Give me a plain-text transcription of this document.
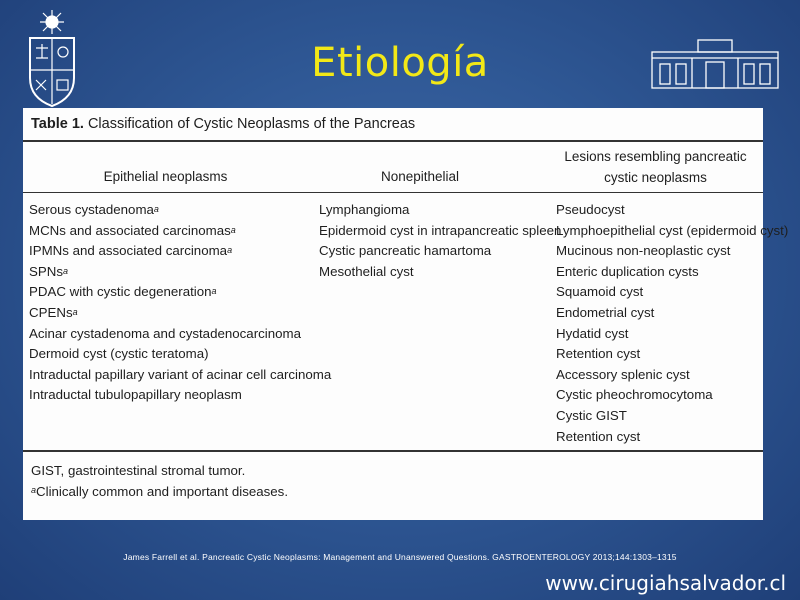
Etiología
Table 1. Classification of Cystic Neoplasms of the Pancreas
Epithelial neoplasms	Nonepithelial
Lesions resembling pancreatic cystic neoplasms
Serous cystadenoma$^a$
MCNs and associated carcinomas$^a$
IPMNs and associated carcinoma$^a$
SPNs$^a$
PDAC with cystic degeneration$^a$
CPENs$^a$
Acinar cystadenoma and cystadenocarcinoma
Dermoid cyst (cystic teratoma)
Intraductal papillary variant of acinar cell carcinoma
Intraductal tubulopapillary neoplasm
Lymphangioma
Epidermoid cyst in intrapancreatic spleen
Cystic pancreatic hamartoma
Mesothelial cyst
Pseudocyst
Lymphoepithelial cyst (epidermoid cyst)
Mucinous non-neoplastic cyst
Enteric duplication cysts
Squamoid cyst
Endometrial cyst
Hydatid cyst
Retention cyst
Accessory splenic cyst
Cystic pheochromocytoma
Cystic GIST
Retention cyst
GIST, gastrointestinal stromal tumor.
$^a$Clinically common and important diseases.
James Farrell et al. Pancreatic Cystic Neoplasms: Management and Unanswered Questions. GASTROENTEROLOGY 2013;144:1303–1315
www.cirugiahsalvador.cl
